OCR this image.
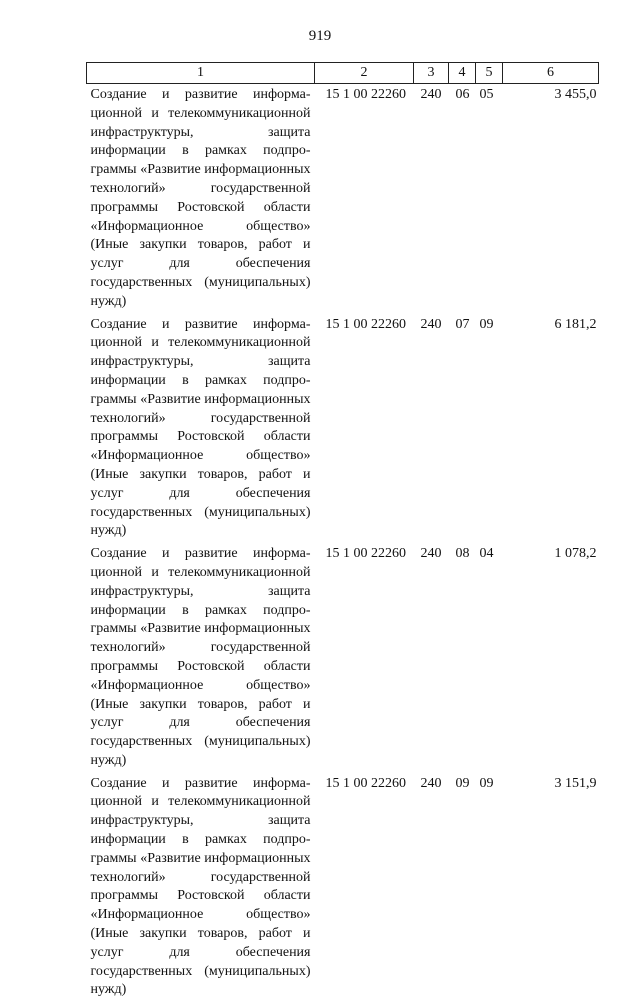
919
1	2	3	4	5	6
Создание и развитие информационной и телекоммуникационной инфраструктуры, защита информации в рамках подпрограммы «Развитие информационных технологий» государственной программы Ростовской области «Информационное общество» (Иные закупки товаров, работ и услуг для обеспечения государственных (муниципальных) нужд)	15 1 00 22260	240	06	05	3 455,0
Создание и развитие информационной и телекоммуникационной инфраструктуры, защита информации в рамках подпрограммы «Развитие информационных технологий» государственной программы Ростовской области «Информационное общество» (Иные закупки товаров, работ и услуг для обеспечения государственных (муниципальных) нужд)	15 1 00 22260	240	07	09	6 181,2
Создание и развитие информационной и телекоммуникационной инфраструктуры, защита информации в рамках подпрограммы «Развитие информационных технологий» государственной программы Ростовской области «Информационное общество» (Иные закупки товаров, работ и услуг для обеспечения государственных (муниципальных) нужд)	15 1 00 22260	240	08	04	1 078,2
Создание и развитие информационной и телекоммуникационной инфраструктуры, защита информации в рамках подпрограммы «Развитие информационных технологий» государственной программы Ростовской области «Информационное общество» (Иные закупки товаров, работ и услуг для обеспечения государственных (муниципальных) нужд)	15 1 00 22260	240	09	09	3 151,9
